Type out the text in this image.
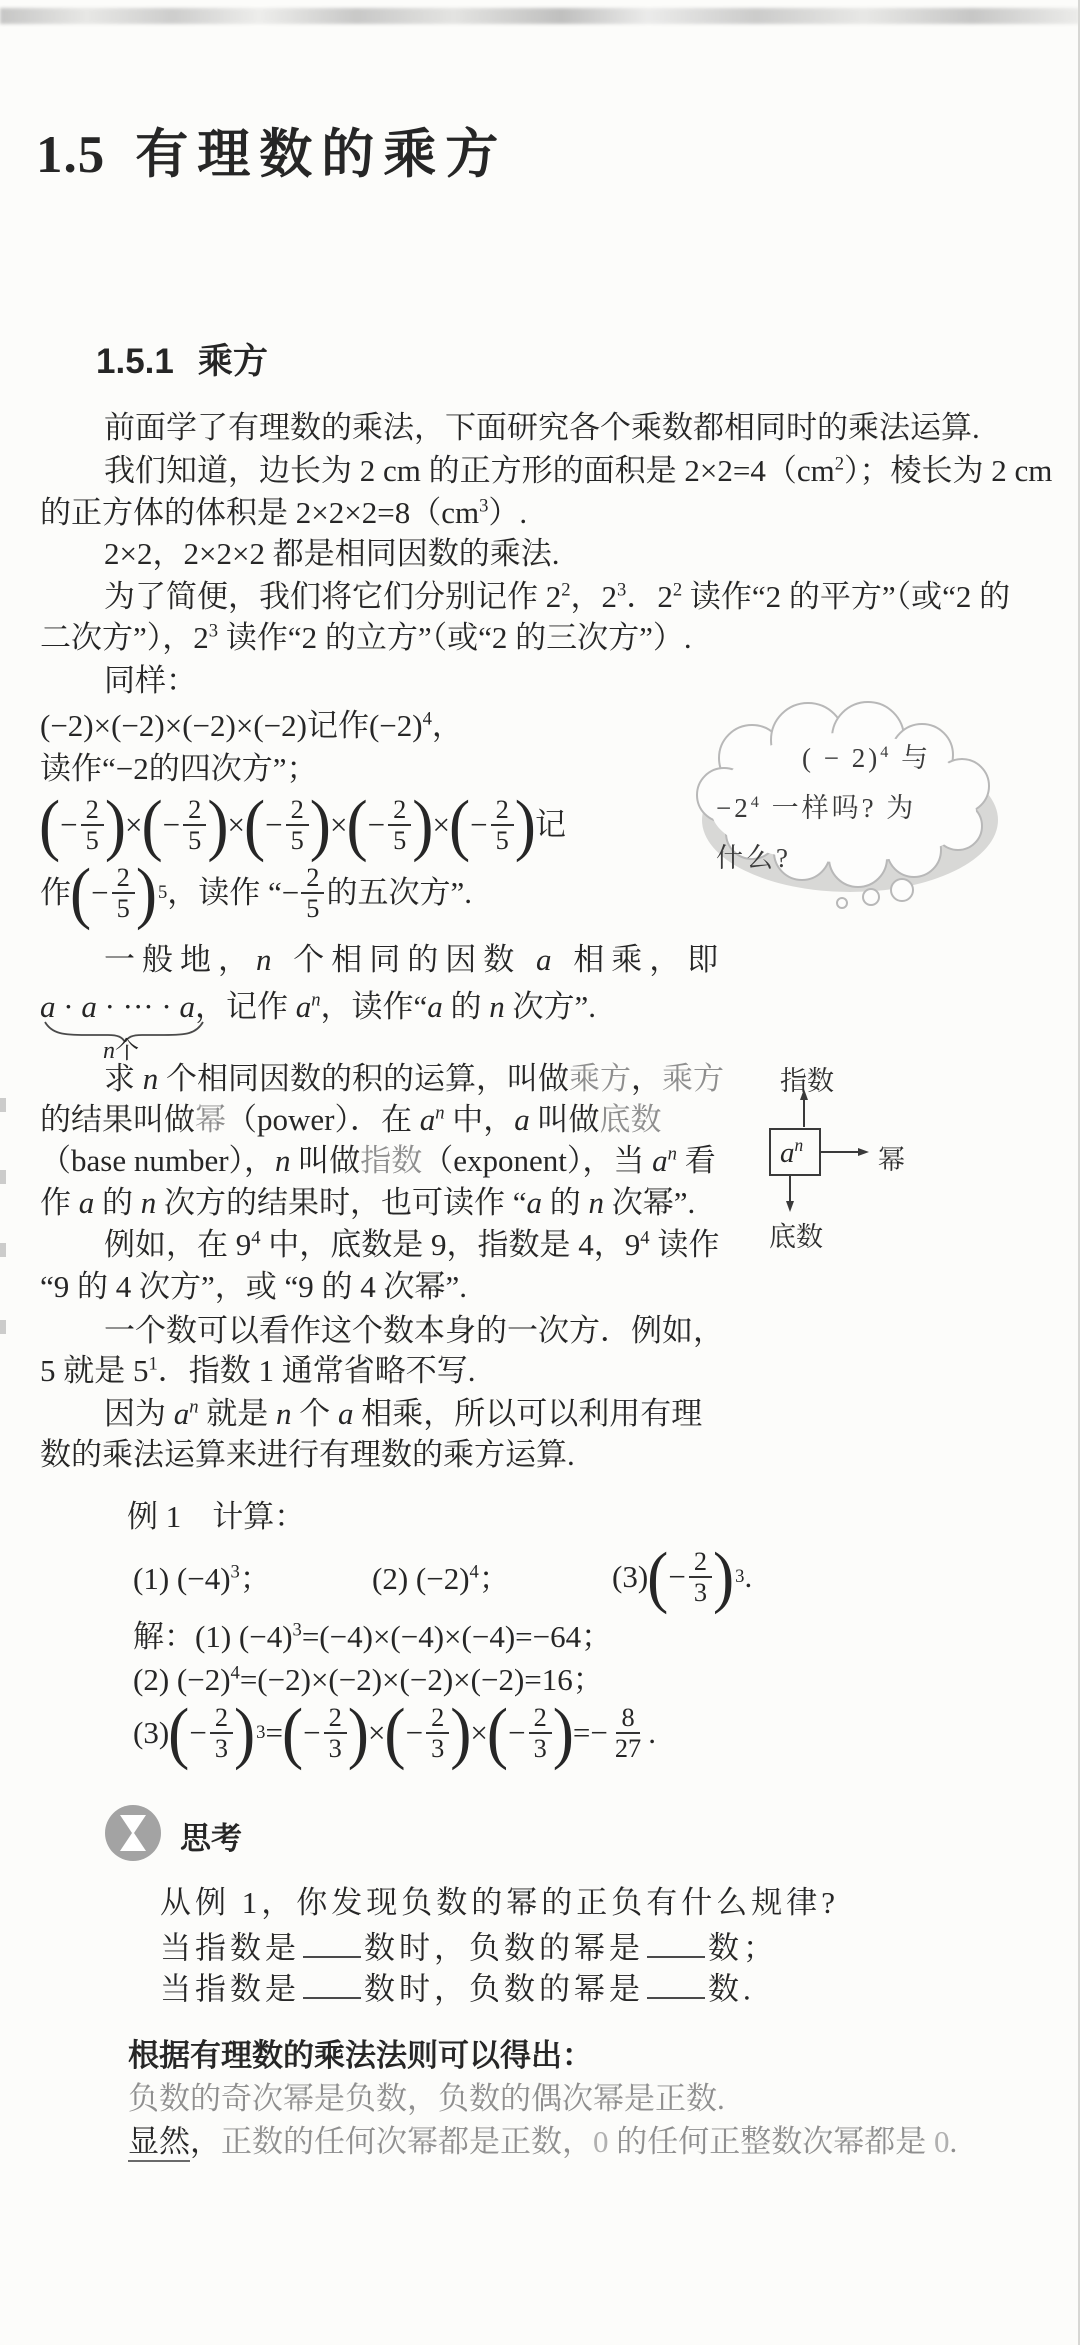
1.5 有理数的乘方
1.5.1 乘方
前面学了有理数的乘法，下面研究各个乘数都相同时的乘法运算.
我们知道，边长为 2 cm 的正方形的面积是 $2\times 2=4(cm^2)$；棱长为 2 cm
的正方体的体积是 $2\times 2\times 2=8(cm^3)$.
2×2，2×2×2 都是相同因数的乘法.
为了简便，我们将它们分别记作 $2^2$，$2^3$．$2^2$ 读作“2 的平方”（或“2 的
二次方”），$2^3$ 读作“2 的立方”（或“2 的三次方”）.
同样：
(−2)×(−2)×(−2)×(−2)记作$(-2)^4$，
读作“−2的四次方”；
( − $\frac{2}{5}$ ) × ( − $\frac{2}{5}$ ) × ( − $\frac{2}{5}$ ) × ( − $\frac{2}{5}$ ) × ( − $\frac{2}{5}$ ) 记
作 ( − $\frac{2}{5}$ ) 5 ，读作 “− $\frac{2}{5}$ 的五次方”.
一般地，n 个相同的因数 a 相乘，即
a · a · ··· · a，记作 $a^n$，读作“a 的 n 次方”.
n个
求 n 个相同因数的积的运算，叫做乘方，乘方
的结果叫做幂（power）．在 $a^n$ 中，a 叫做底数
（base number），n 叫做指数（exponent），当 $a^n$ 看
作 a 的 n 次方的结果时，也可读作 “a 的 n 次幂”.
例如，在 $9^4$ 中，底数是 9，指数是 4，$9^4$ 读作
“9 的 4 次方”，或 “9 的 4 次幂”.
一个数可以看作这个数本身的一次方．例如，
5 就是 $5^1$．指数 1 通常省略不写.
因为 $a^n$ 就是 n 个 a 相乘，所以可以利用有理
数的乘法运算来进行有理数的乘方运算.
例 1　计算：
(1) $(-4)^3$；	(2) $(-2)^4$；	(3) ( − $\frac{2}{3}$ ) 3 .
解：(1) $(-4)^3=(-4)\times(-4)\times(-4)=-64$；
(2) $(-2)^4=(-2)\times(-2)\times(-2)\times(-2)=16$；
(3) ( − $\frac{2}{3}$ ) 3 = ( − $\frac{2}{3}$ ) × ( − $\frac{2}{3}$ ) × ( − $\frac{2}{3}$ ) =− $\frac{8}{27}$ .
思考
从例 1，你发现负数的幂的正负有什么规律?
当指数是 数时，负数的幂是 数；
当指数是 数时，负数的幂是 数.
根据有理数的乘法法则可以得出：
负数的奇次幂是负数，负数的偶次幂是正数.
显然，正数的任何次幂都是正数，0 的任何正整数次幂都是 0.
( − 2)$^4$ 与
$-2^4$ 一样吗? 为
什么?
指数
$a^n$	幂
底数
